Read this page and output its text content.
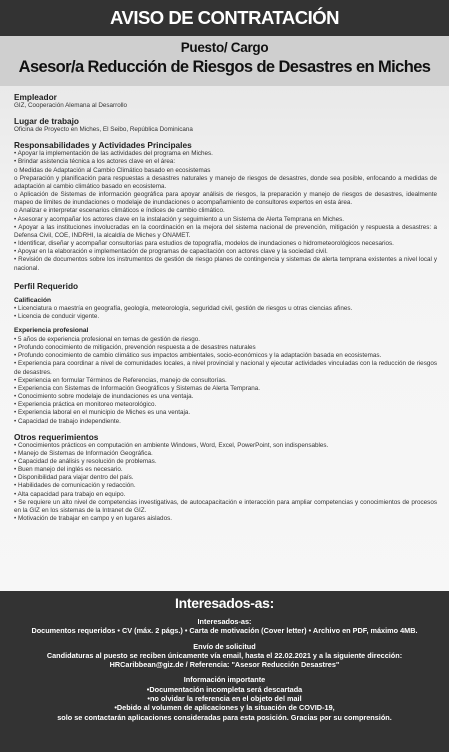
AVISO DE CONTRATACIÓN
Puesto/ Cargo
Asesor/a Reducción de Riesgos de Desastres en Miches
Empleador
GIZ, Cooperación Alemana al Desarrollo
Lugar de trabajo
Oficina de Proyecto en Miches, El Seibo, República Dominicana
Responsabilidades y Actividades Principales
• Apoyar la implementación de las actividades del programa en Miches.
• Brindar asistencia técnica a los actores clave en el área:
o Medidas de Adaptación al Cambio Climático basado en ecosistemas
o Preparación y planificación para respuestas a desastres naturales y manejo de riesgos de desastres, donde sea posible, enfocando a medidas de adaptación al cambio climático basado en ecosistema.
o Aplicación de Sistemas de información geográfica para apoyar análisis de riesgos, la preparación y manejo de riesgos de desastres, idealmente mapeo de límites de inundaciones o modelaje de inundaciones o acompañamiento de consultores expertos en esta área.
o Analizar e interpretar escenarios climáticos e índices de cambio climático.
• Asesorar y acompañar los actores clave en la instalación y seguimiento a un Sistema de Alerta Temprana en Miches.
• Apoyar a las instituciones involucradas en la coordinación en la mejora del sistema nacional de prevención, mitigación y respuesta a desastres: a Defensa Civil, COE, INDRHI, la alcaldía de Miches y ONAMET.
• Identificar, diseñar y acompañar consultorías para estudios de topografía, modelos de inundaciones o hidrometeorológicos necesarios.
• Apoyar en la elaboración e implementación de programas de capacitación con actores clave y la sociedad civil.
• Revisión de documentos sobre los instrumentos de gestión de riesgo planes de contingencia y sistemas de alerta temprana existentes a nivel local y nacional.
Perfil Requerido
Calificación
• Licenciatura o maestría en geografía, geología, meteorología, seguridad civil, gestión de riesgos u otras ciencias afines.
• Licencia de conducir vigente.
Experiencia profesional
• 5 años de experiencia profesional en temas de gestión de riesgo.
• Profundo conocimiento de mitigación, prevención respuesta a de desastres naturales
• Profundo conocimiento de cambio climático sus impactos ambientales, socio-económicos y la adaptación basada en ecosistemas.
• Experiencia para coordinar a nivel de comunidades locales, a nivel provincial y nacional y ejecutar actividades vinculadas con la reducción de riesgos de desastres.
• Experiencia en formular Términos de Referencias, manejo de consultorías.
• Experiencia con Sistemas de Información Geográficos y Sistemas de Alerta Temprana.
• Conocimiento sobre modelaje de inundaciones es una ventaja.
• Experiencia práctica en monitoreo meteorológico.
• Experiencia laboral en el municipio de Miches es una ventaja.
• Capacidad de trabajo independiente.
Otros requerimientos
• Conocimientos prácticos en computación en ambiente Windows, Word, Excel, PowerPoint, son indispensables.
• Manejo de Sistemas de Información Geográfica.
• Capacidad de análisis y resolución de problemas.
• Buen manejo del inglés es necesario.
• Disponibilidad para viajar dentro del país.
• Habilidades de comunicación y redacción.
• Alta capacidad para trabajo en equipo.
• Se requiere un alto nivel de competencias investigativas, de autocapacitación e interacción para ampliar competencias y conocimientos de procesos en la GIZ en los sistemas de la Intranet de GIZ.
• Motivación de trabajar en campo y en lugares aislados.
Interesados-as:
Interesados-as:
Documentos requeridos • CV (máx. 2 págs.) • Carta de motivación (Cover letter) • Archivo en PDF, máximo 4MB.
Envío de solicitud
Candidaturas al puesto se reciben únicamente vía email, hasta el 22.02.2021 y a la siguiente dirección:
HRCaribbean@giz.de / Referencia: "Asesor Reducción Desastres"
Información importante
•Documentación incompleta será descartada
•no olvidar la referencia en el objeto del mail
•Debido al volumen de aplicaciones y la situación de COVID-19,
solo se contactarán aplicaciones consideradas para esta posición. Gracias por su comprensión.
